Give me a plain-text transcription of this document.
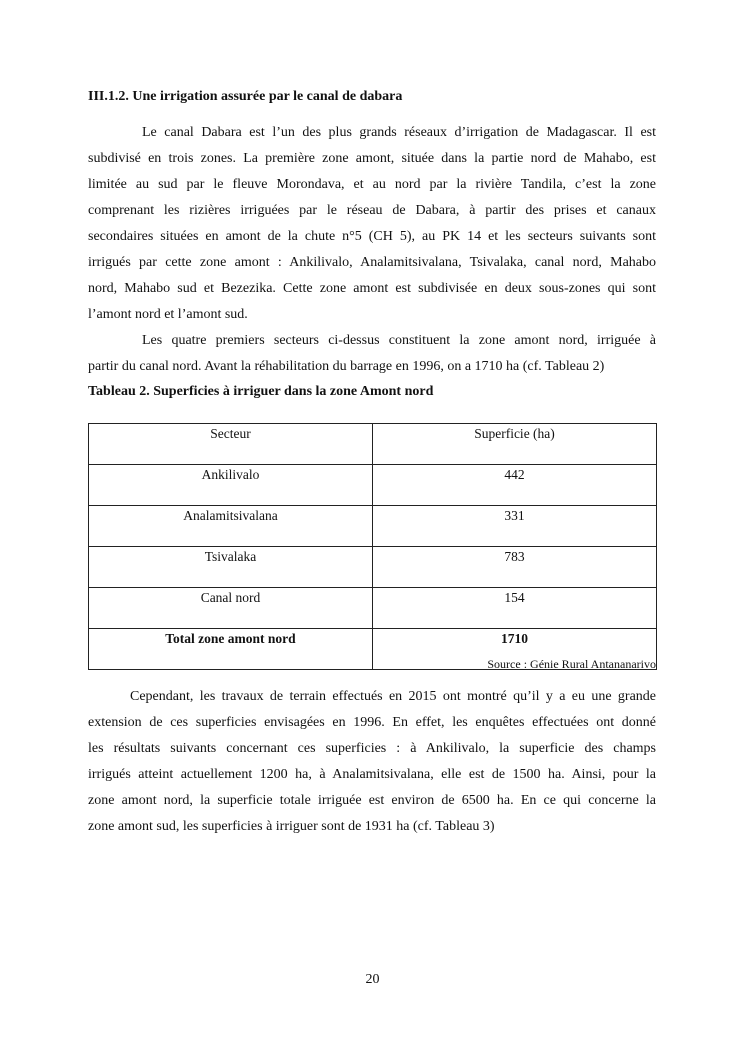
III.1.2. Une irrigation assurée par le canal de dabara
Le canal Dabara est l’un des plus grands réseaux d’irrigation de Madagascar. Il est
subdivisé en trois zones. La première zone amont, située dans la partie nord de Mahabo, est
limitée au sud par le fleuve Morondava, et au nord par la rivière Tandila, c’est la zone
comprenant les rizières irriguées par le réseau de Dabara, à partir des prises et canaux
secondaires situées en amont de la chute n°5 (CH 5), au PK 14 et les secteurs suivants sont
irrigués par cette zone amont : Ankilivalo, Analamitsivalana, Tsivalaka, canal nord, Mahabo
nord, Mahabo sud et Bezezika. Cette zone amont est subdivisée en deux sous-zones qui sont
l’amont nord et l’amont sud.
Les quatre premiers secteurs ci-dessus constituent la zone amont nord, irriguée à
partir du canal nord. Avant la réhabilitation du barrage en 1996, on a 1710 ha (cf. Tableau 2)
Tableau 2. Superficies à irriguer dans la zone Amont nord
Secteur	Superficie (ha)
Ankilivalo	442
Analamitsivalana	331
Tsivalaka	783
Canal nord	154
Total zone amont nord	1710
Source : Génie Rural Antananarivo
Cependant, les travaux de terrain effectués en 2015 ont montré qu’il y a eu une grande
extension de ces superficies envisagées en 1996. En effet, les enquêtes effectuées ont donné
les résultats suivants concernant ces superficies : à Ankilivalo, la superficie des champs
irrigués atteint actuellement 1200 ha, à Analamitsivalana, elle est de 1500 ha. Ainsi, pour la
zone amont nord, la superficie totale irriguée est environ de 6500 ha. En ce qui concerne la
zone amont sud, les superficies à irriguer sont de 1931 ha (cf. Tableau 3)
20
